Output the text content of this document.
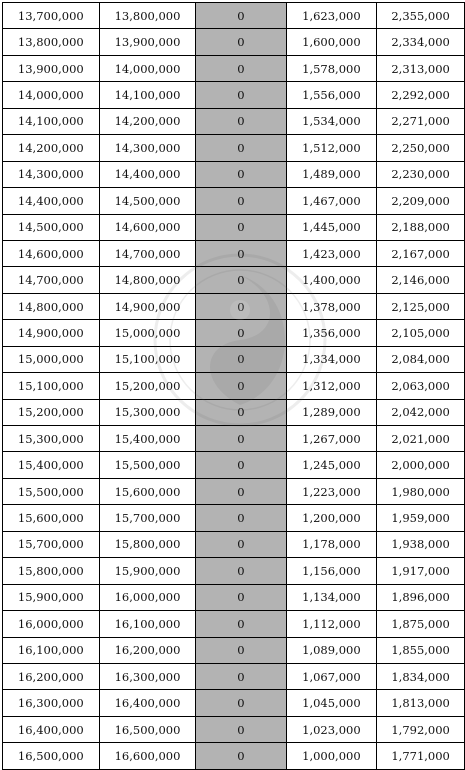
13,700,000	13,800,000	0	1,623,000	2,355,000
13,800,000	13,900,000	0	1,600,000	2,334,000
13,900,000	14,000,000	0	1,578,000	2,313,000
14,000,000	14,100,000	0	1,556,000	2,292,000
14,100,000	14,200,000	0	1,534,000	2,271,000
14,200,000	14,300,000	0	1,512,000	2,250,000
14,300,000	14,400,000	0	1,489,000	2,230,000
14,400,000	14,500,000	0	1,467,000	2,209,000
14,500,000	14,600,000	0	1,445,000	2,188,000
14,600,000	14,700,000	0	1,423,000	2,167,000
14,700,000	14,800,000	0	1,400,000	2,146,000
14,800,000	14,900,000	0	1,378,000	2,125,000
14,900,000	15,000,000	0	1,356,000	2,105,000
15,000,000	15,100,000	0	1,334,000	2,084,000
15,100,000	15,200,000	0	1,312,000	2,063,000
15,200,000	15,300,000	0	1,289,000	2,042,000
15,300,000	15,400,000	0	1,267,000	2,021,000
15,400,000	15,500,000	0	1,245,000	2,000,000
15,500,000	15,600,000	0	1,223,000	1,980,000
15,600,000	15,700,000	0	1,200,000	1,959,000
15,700,000	15,800,000	0	1,178,000	1,938,000
15,800,000	15,900,000	0	1,156,000	1,917,000
15,900,000	16,000,000	0	1,134,000	1,896,000
16,000,000	16,100,000	0	1,112,000	1,875,000
16,100,000	16,200,000	0	1,089,000	1,855,000
16,200,000	16,300,000	0	1,067,000	1,834,000
16,300,000	16,400,000	0	1,045,000	1,813,000
16,400,000	16,500,000	0	1,023,000	1,792,000
16,500,000	16,600,000	0	1,000,000	1,771,000
